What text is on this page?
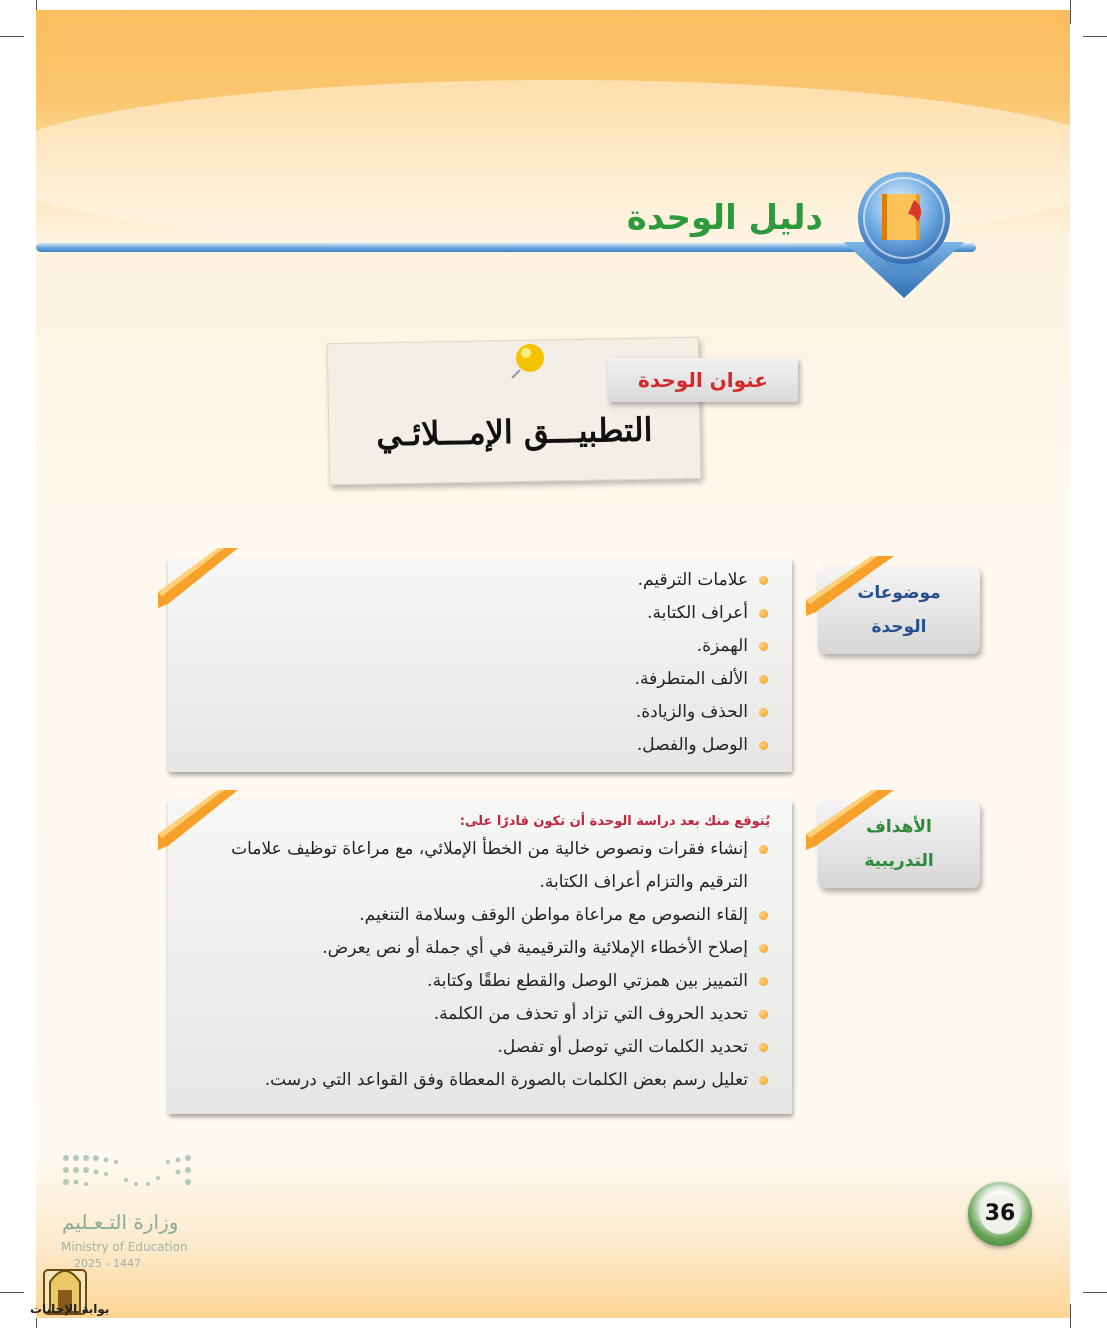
دليل الوحدة
التطبيـــق الإمـــلائـي
عنوان الوحدة
علامات الترقيم.
أعراف الكتابة.
الهمزة.
الألف المتطرفة.
الحذف والزيادة.
الوصل والفصل.
موضوعات
الوحدة
يُتوقع منك بعد دراسة الوحدة أن تكون قادرًا على:
إنشاء فقرات ونصوص خالية من الخطأ الإملائي، مع مراعاة توظيف علامات الترقيم والتزام أعراف الكتابة.
إلقاء النصوص مع مراعاة مواطن الوقف وسلامة التنغيم.
إصلاح الأخطاء الإملائية والترقيمية في أي جملة أو نص يعرض.
التمييز بين همزتي الوصل والقطع نطقًا وكتابة.
تحديد الحروف التي تزاد أو تحذف من الكلمة.
تحديد الكلمات التي توصل أو تفصل.
تعليل رسم بعض الكلمات بالصورة المعطاة وفق القواعد التي درست.
الأهداف
التدريبية
36
وزارة التـعـليم
Ministry of Education
2025 - 1447
بوابة الإجابات
